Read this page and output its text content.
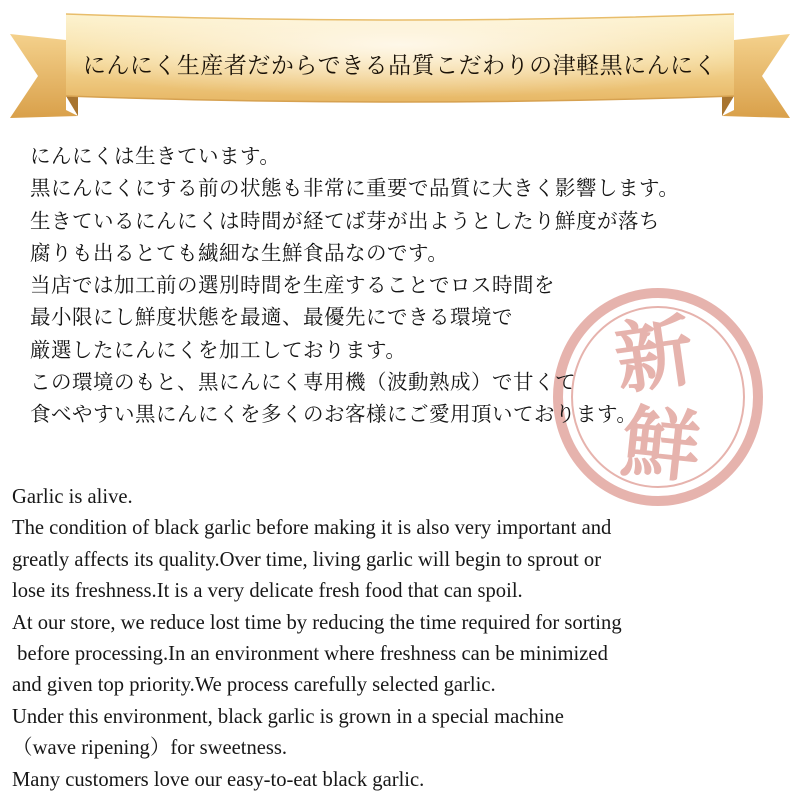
にんにく生産者だからできる品質こだわりの津軽黒にんにく
新
鮮
にんにくは生きています。
黒にんにくにする前の状態も非常に重要で品質に大きく影響します。
生きているにんにくは時間が経てば芽が出ようとしたり鮮度が落ち
腐りも出るとても繊細な生鮮食品なのです。
当店では加工前の選別時間を生産することでロス時間を
最小限にし鮮度状態を最適、最優先にできる環境で
厳選したにんにくを加工しております。
この環境のもと、黒にんにく専用機（波動熟成）で甘くて
食べやすい黒にんにくを多くのお客様にご愛用頂いております。
Garlic is alive.
The condition of black garlic before making it is also very important and
greatly affects its quality.Over time, living garlic will begin to sprout or
lose its freshness.It is a very delicate fresh food that can spoil.
At our store, we reduce lost time by reducing the time required for sorting
before processing.In an environment where freshness can be minimized
and given top priority.We process carefully selected garlic.
Under this environment, black garlic is grown in a special machine
（wave ripening）for sweetness.
Many customers love our easy-to-eat black garlic.
